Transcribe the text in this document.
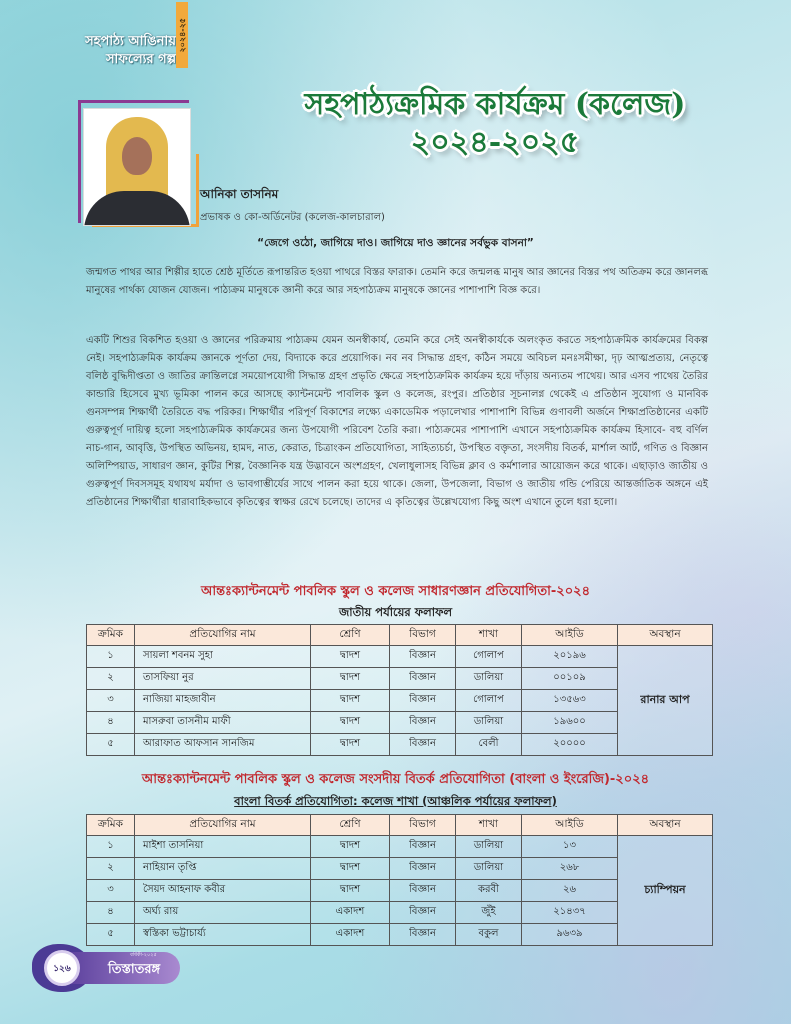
সহপাঠ্য আঙিনায়
সাফল্যের গল্প
২০২৪-২৫
সহপাঠ্যক্রমিক কার্যক্রম (কলেজ)
২০২৪-২০২৫
আনিকা তাসনিম
প্রভাষক ও কো-অর্ডিনেটর (কলেজ-কালচারাল)
“জেগে ওঠো, জাগিয়ে দাও। জাগিয়ে দাও জ্ঞানের সর্বভুক বাসনা”
জন্মগত পাথর আর শিল্পীর হাতে শ্রেষ্ঠ মূর্তিতে রূপান্তরিত হওয়া পাথরে বিস্তর ফারাক। তেমনি করে জন্মলব্ধ মানুষ আর জ্ঞানের বিস্তর পথ অতিক্রম করে জ্ঞানলব্ধ মানুষের পার্থক্য যোজন যোজন। পাঠ্যক্রম মানুষকে জ্ঞানী করে আর সহপাঠ্যক্রম মানুষকে জ্ঞানের পাশাপাশি বিজ্ঞ করে।
একটি শিশুর বিকশিত হওয়া ও জ্ঞানের পরিক্রমায় পাঠ্যক্রম যেমন অনস্বীকার্য, তেমনি করে সেই অনস্বীকার্যকে অলংকৃত করতে সহপাঠ্যক্রমিক কার্যক্রমের বিকল্প নেই। সহপাঠ্যক্রমিক কার্যক্রম জ্ঞানকে পূর্ণতা দেয়, বিদ্যাকে করে প্রয়োগিক। নব নব সিদ্ধান্ত গ্রহণ, কঠিন সময়ে অবিচল মনঃসমীক্ষা, দৃঢ় আত্মপ্রত্যয়, নেতৃত্বে বলিষ্ঠ বুদ্ধিদীপ্ততা ও জাতির ক্রান্তিলগ্নে সময়োপযোগী সিদ্ধান্ত গ্রহণ প্রভৃতি ক্ষেত্রে সহপাঠ্যক্রমিক কার্যক্রম হয়ে দাঁড়ায় অন্যতম পাথেয়। আর এসব পাথেয় তৈরির কান্ডারি হিসেবে মুখ্য ভূমিকা পালন করে আসছে ক্যান্টনমেন্ট পাবলিক স্কুল ও কলেজ, রংপুর। প্রতিষ্ঠার সূচনালগ্ন থেকেই এ প্রতিষ্ঠান সুযোগ্য ও মানবিক গুনসম্পন্ন শিক্ষার্থী তৈরিতে বদ্ধ পরিকর। শিক্ষার্থীর পরিপূর্ণ বিকাশের লক্ষ্যে একাডেমিক পড়ালেখার পাশাপাশি বিভিন্ন গুণাবলী অর্জনে শিক্ষাপ্রতিষ্ঠানের একটি গুরুত্বপূর্ণ দায়িত্ব হলো সহপাঠ্যক্রমিক কার্যক্রমের জন্য উপযোগী পরিবেশ তৈরি করা। পাঠ্যক্রমের পাশাপাশি এখানে সহপাঠ্যক্রমিক কার্যক্রম হিসাবে- বহু বর্ণিল নাচ-গান, আবৃত্তি, উপস্থিত অভিনয়, হামদ, নাত, কেরাত, চিত্রাংকন প্রতিযোগিতা, সাহিত্যচর্চা, উপস্থিত বক্তৃতা, সংসদীয় বিতর্ক, মার্শাল আর্ট, গণিত ও বিজ্ঞান অলিম্পিয়াড, সাধারণ জ্ঞান, কুটির শিল্প, বৈজ্ঞানিক যন্ত্র উদ্ভাবনে অংশগ্রহণ, খেলাধুলাসহ বিভিন্ন ক্লাব ও কর্মশালার আয়োজন করে থাকে। এছাড়াও জাতীয় ও গুরুত্বপূর্ণ দিবসসমূহ যথাযথ মর্যাদা ও ভাবগাম্ভীর্যের সাথে পালন করা হয়ে থাকে। জেলা, উপজেলা, বিভাগ ও জাতীয় গন্ডি পেরিয়ে আন্তর্জাতিক অঙ্গনে এই প্রতিষ্ঠানের শিক্ষার্থীরা ধারাবাহিকভাবে কৃতিত্বের স্বাক্ষর রেখে চলেছে। তাদের এ কৃতিত্বের উল্লেখযোগ্য কিছু অংশ এখানে তুলে ধরা হলো।
আন্তঃক্যান্টনমেন্ট পাবলিক স্কুল ও কলেজ সাধারণজ্ঞান প্রতিযোগিতা-২০২৪
জাতীয় পর্যায়ের ফলাফল
ক্রমিক	প্রতিযোগির নাম	শ্রেণি	বিভাগ	শাখা	আইডি	অবস্থান
১	সায়লা শবনম সুহা	দ্বাদশ	বিজ্ঞান	গোলাপ	২০১৯৬	রানার আপ
২	তাসফিয়া নুর	দ্বাদশ	বিজ্ঞান	ডালিয়া	০০১০৯	
৩	নাজিয়া মাহজাবীন	দ্বাদশ	বিজ্ঞান	গোলাপ	১৩৫৬৩	
৪	মাসরুবা তাসনীম মাফী	দ্বাদশ	বিজ্ঞান	ডালিয়া	১৯৬০০	
৫	আরাফাত আফসান সানজিম	দ্বাদশ	বিজ্ঞান	বেলী	২০০০০	
আন্তঃক্যান্টনমেন্ট পাবলিক স্কুল ও কলেজ সংসদীয় বিতর্ক প্রতিযোগিতা (বাংলা ও ইংরেজি)-২০২৪
বাংলা বিতর্ক প্রতিযোগিতা: কলেজ শাখা (আঞ্চলিক পর্যায়ের ফলাফল)
ক্রমিক	প্রতিযোগির নাম	শ্রেণি	বিভাগ	শাখা	আইডি	অবস্থান
১	মাইশা তাসনিয়া	দ্বাদশ	বিজ্ঞান	ডালিয়া	১৩	চ্যাম্পিয়ন
২	নাহিয়ান তৃপ্তি	দ্বাদশ	বিজ্ঞান	ডালিয়া	২৬৮	
৩	সৈয়দ আহনাফ কবীর	দ্বাদশ	বিজ্ঞান	করবী	২৬	
৪	অর্ঘ্য রায়	একাদশ	বিজ্ঞান	জুঁই	২১৪৩৭	
৫	স্বস্তিকা ভট্টাচার্য্য	একাদশ	বিজ্ঞান	বকুল	৯৬৩৯	
১২৬
বর্ষিকী-২০২৫
তিস্তাতরঙ্গ
